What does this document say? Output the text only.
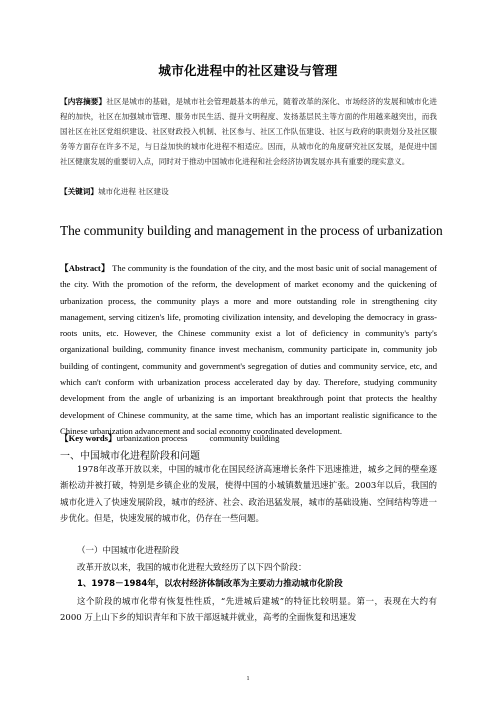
城市化进程中的社区建设与管理
【内容摘要】社区是城市的基础，是城市社会管理最基本的单元，随着改革的深化、市场经济的发展和城市化进程的加快，社区在加强城市管理、服务市民生活、提升文明程度、发扬基层民主等方面的作用越来越突出，而我国社区在社区党组织建设、社区财政投入机制、社区参与、社区工作队伍建设、社区与政府的职责划分及社区服务等方面存在许多不足，与日益加快的城市化进程不相适应。因而，从城市化的角度研究社区发展，是促进中国社区健康发展的重要切入点，同时对于推动中国城市化进程和社会经济协调发展亦具有重要的现实意义。
【关键词】城市化进程 社区建设
The community building and management in the process of urbanization
【Abstract】 The community is the foundation of the city, and the most basic unit of social management of the city. With the promotion of the reform, the development of market economy and the quickening of urbanization process, the community plays a more and more outstanding role in strengthening city management, serving citizen's life, promoting civilization intensity, and developing the democracy in grass-roots units, etc. However, the Chinese community exist a lot of deficiency in community's party's organizational building, community finance invest mechanism, community participate in, community job building of contingent, community and government's segregation of duties and community service, etc, and which can't conform with urbanization process accelerated day by day. Therefore, studying community development from the angle of urbanizing is an important breakthrough point that protects the healthy development of Chinese community, at the same time, which has an important realistic significance to the Chinese urbanization advancement and social economy coordinated development.
【Key words】urbanization process	community building
一、中国城市化进程阶段和问题
1978年改革开放以来，中国的城市化在国民经济高速增长条件下迅速推进，城乡之间的壁垒逐渐松动并被打破，特别是乡镇企业的发展，使得中国的小城镇数量迅速扩张。2003年以后，我国的城市化进入了快速发展阶段，城市的经济、社会、政治迅猛发展，城市的基础设施、空间结构等进一步优化。但是，快速发展的城市化，仍存在一些问题。
（一）中国城市化进程阶段
改革开放以来，我国的城市化进程大致经历了以下四个阶段：
1、1978－1984年，以农村经济体制改革为主要动力推动城市化阶段
这个阶段的城市化带有恢复性性质，“先进城后建城”的特征比较明显。第一，表现在大约有 2000 万上山下乡的知识青年和下放干部返城并就业，高考的全面恢复和迅速发
1
